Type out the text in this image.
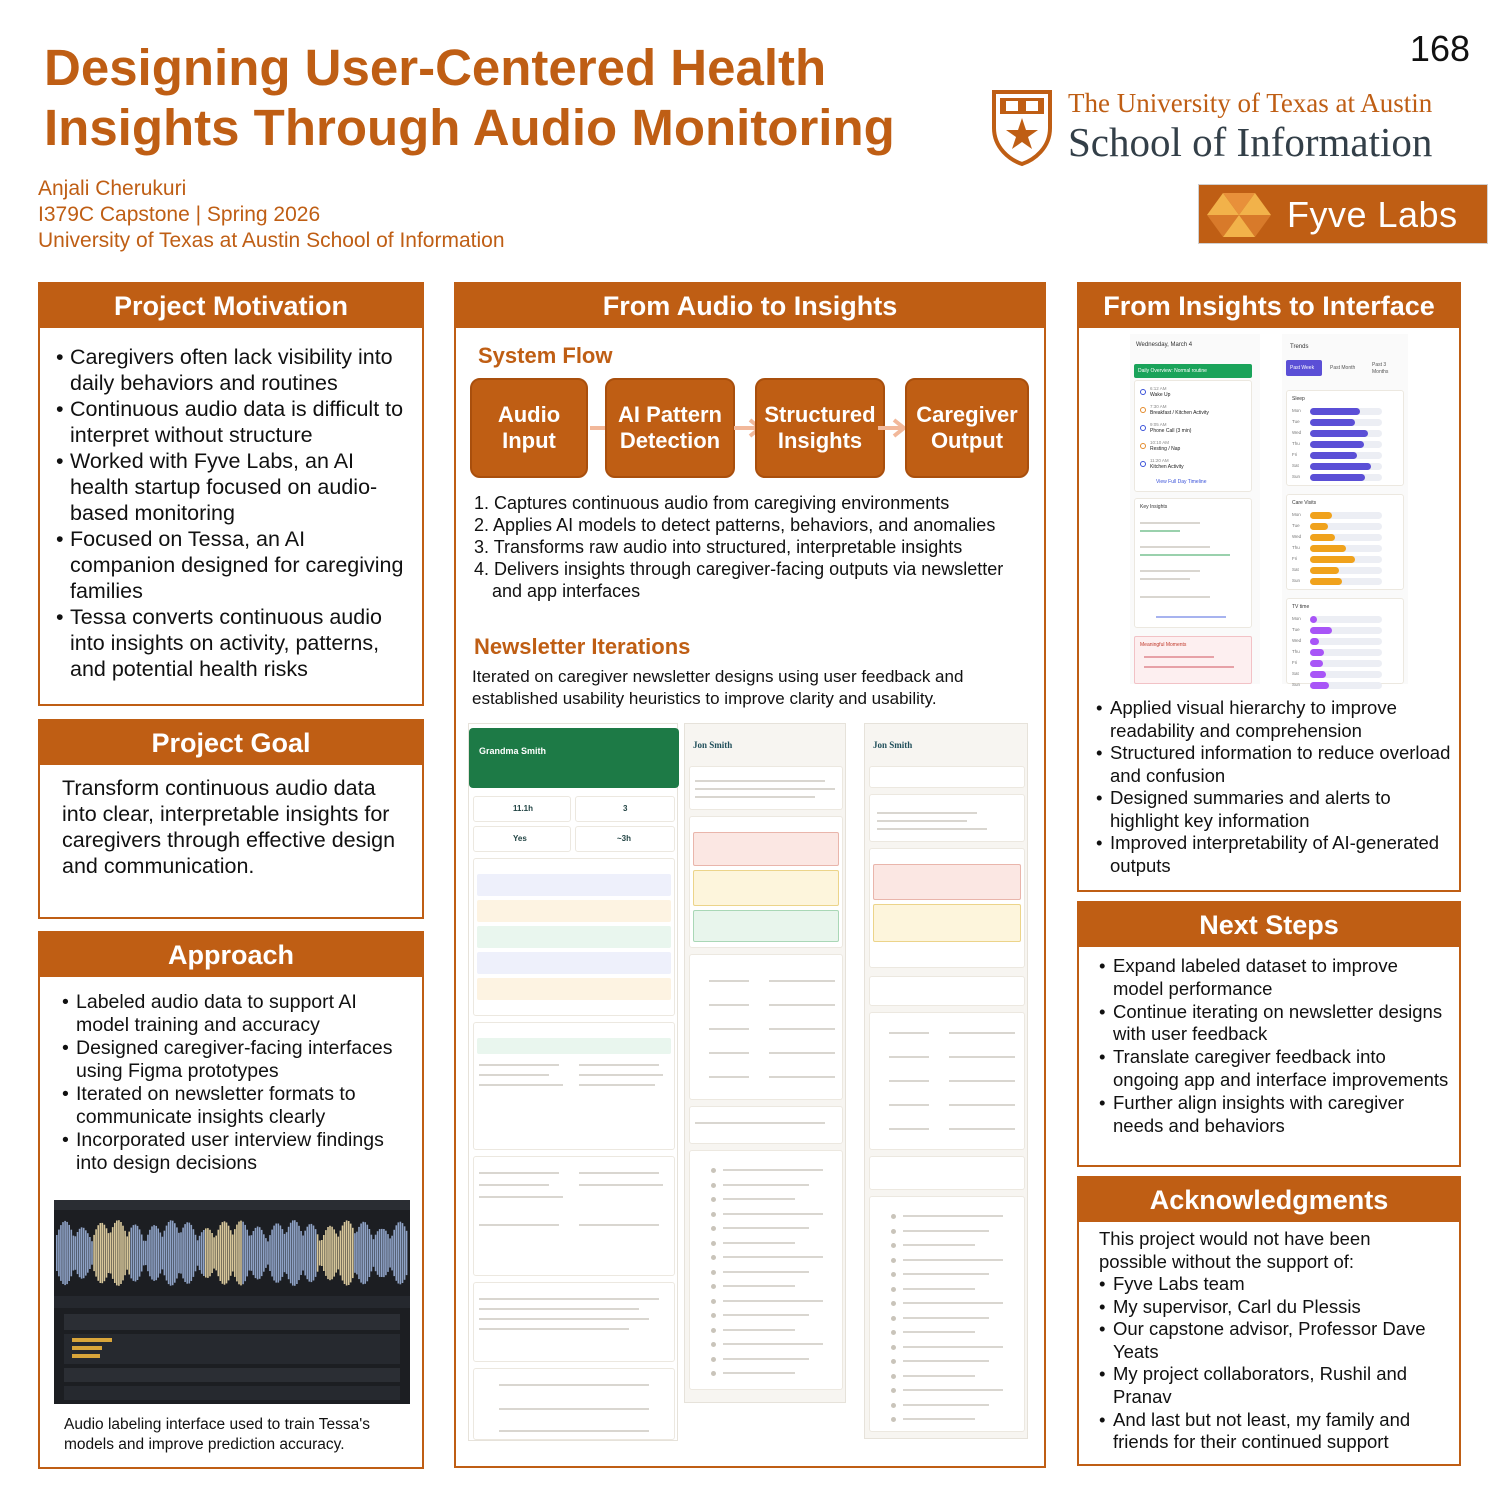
Designing User-Centered Health
Insights Through Audio Monitoring
168
Anjali Cherukuri
I379C Capstone | Spring 2026
University of Texas at Austin School of Information
The University of Texas at Austin
School of Information
Fyve Labs
Project Motivation
• Caregivers often lack visibility into daily behaviors and routines
• Continuous audio data is difficult to interpret without structure
• Worked with Fyve Labs, an AI health startup focused on audio-based monitoring
• Focused on Tessa, an AI companion designed for caregiving families
• Tessa converts continuous audio into insights on activity, patterns, and potential health risks
Project Goal
Transform continuous audio data into clear, interpretable insights for caregivers through effective design and communication.
Approach
• Labeled audio data to support AI model training and accuracy
• Designed caregiver-facing interfaces using Figma prototypes
• Iterated on newsletter formats to communicate insights clearly
• Incorporated user interview findings into design decisions
Audio labeling interface used to train Tessa's models and improve prediction accuracy.
From Audio to Insights
System Flow
Audio
Input
AI Pattern
Detection
Structured
Insights
Caregiver
Output
1. Captures continuous audio from caregiving environments
2. Applies AI models to detect patterns, behaviors, and anomalies
3. Transforms raw audio into structured, interpretable insights
4. Delivers insights through caregiver-facing outputs via newsletter and app interfaces
Newsletter Iterations
Iterated on caregiver newsletter designs using user feedback and established usability heuristics to improve clarity and usability.
Grandma Smith
11.1h	3
Yes	~3h
Jon Smith	Jon Smith
From Insights to Interface
Wednesday, March 4
Daily Overview: Normal routine
View Full Day Timeline
Key Insights
Meaningful Moments
6:12 AM
Wake Up
7:30 AM
Breakfast / Kitchen Activity
9:05 AM
Phone Call (3 min)
10:10 AM
Resting / Nap
11:20 AM
Kitchen Activity
Trends
Past Week	Past Month	Past 3 Months
Sleep
Care Visits
TV time
Mon
Tue
Wed
Thu
Fri
Sat
Sun
Mon
Tue
Wed
Thu
Fri
Sat
Sun
Mon
Tue
Wed
Thu
Fri
Sat
Sun
• Applied visual hierarchy to improve readability and comprehension
• Structured information to reduce overload and confusion
• Designed summaries and alerts to highlight key information
• Improved interpretability of AI-generated outputs
Next Steps
• Expand labeled dataset to improve model performance
• Continue iterating on newsletter designs with user feedback
• Translate caregiver feedback into ongoing app and interface improvements
• Further align insights with caregiver needs and behaviors
Acknowledgments
This project would not have been possible without the support of:
• Fyve Labs team
• My supervisor, Carl du Plessis
• Our capstone advisor, Professor Dave Yeats
• My project collaborators, Rushil and Pranav
• And last but not least, my family and friends for their continued support
